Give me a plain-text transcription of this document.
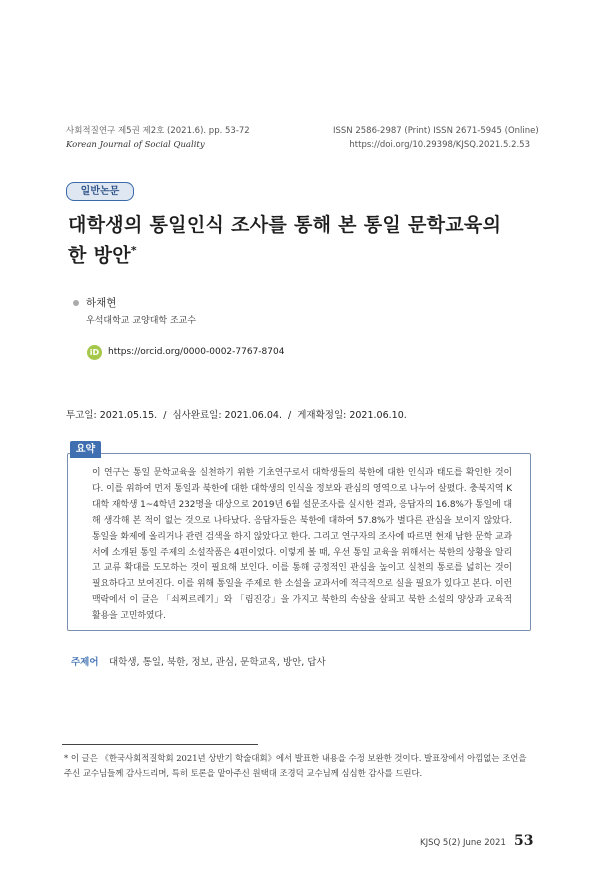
사회적질연구 제5권 제2호 (2021.6). pp. 53-72
Korean Journal of Social Quality
ISSN 2586-2987 (Print) ISSN 2671-5945 (Online)
https://doi.org/10.29398/KJSQ.2021.5.2.53
일반논문
대학생의 통일인식 조사를 통해 본 통일 문학교육의
한 방안*
하채현
우석대학교 교양대학 조교수
iD https://orcid.org/0000-0002-7767-8704
투고일: 2021.05.15.  /  심사완료일: 2021.06.04.  /  게재확정일: 2021.06.10.
요약
이 연구는 통일 문학교육을 실천하기 위한 기초연구로서 대학생들의 북한에 대한 인식과 태도를 확인한 것이다. 이를 위하여 먼저 통일과 북한에 대한 대학생의 인식을 정보와 관심의 영역으로 나누어 살폈다. 충북지역 K대학 재학생 1~4학년 232명을 대상으로 2019년 6월 설문조사를 실시한 결과, 응답자의 16.8%가 통일에 대해 생각해 본 적이 없는 것으로 나타났다. 응답자들은 북한에 대하여 57.8%가 별다른 관심을 보이지 않았다. 통일을 화제에 올리거나 관련 검색을 하지 않았다고 한다. 그리고 연구자의 조사에 따르면 현재 남한 문학 교과서에 소개된 통일 주제의 소설작품은 4편이었다. 이렇게 볼 때, 우선 통일 교육을 위해서는 북한의 상황을 알리고 교류 확대를 도모하는 것이 필요해 보인다. 이를 통해 긍정적인 관심을 높이고 실천의 통로를 넓히는 것이 필요하다고 보여진다. 이를 위해 통일을 주제로 한 소설을 교과서에 적극적으로 실을 필요가 있다고 본다. 이런 맥락에서 이 글은 「쇠찌르레기」와 「림진강」을 가지고 북한의 속살을 살피고 북한 소설의 양상과 교육적 활용을 고민하였다.
주제어 대학생, 통일, 북한, 정보, 관심, 문학교육, 방안, 답사
* 이 글은 《한국사회적질학회 2021년 상반기 학술대회》에서 발표한 내용을 수정 보완한 것이다. 발표장에서 아낌없는 조언을 주신 교수님들께 감사드리며, 특히 토론을 맡아주신 원택대 조경덕 교수님께 심심한 감사를 드린다.
KJSQ 5(2) June 2021 53
